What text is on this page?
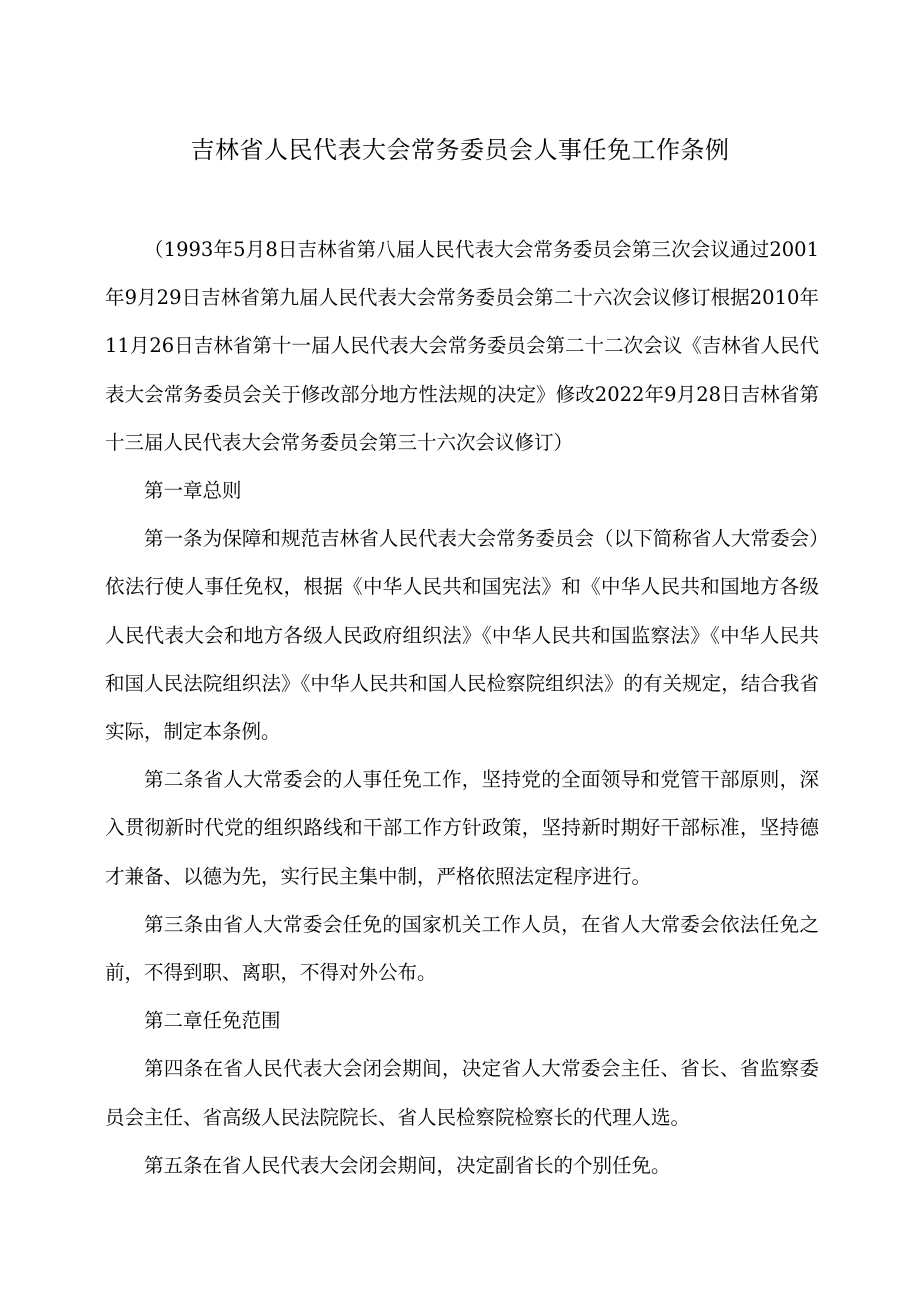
吉林省人民代表大会常务委员会人事任免工作条例

（1993年5月8日吉林省第八届人民代表大会常务委员会第三次会议通过2001年9月29日吉林省第九届人民代表大会常务委员会第二十六次会议修订根据2010年11月26日吉林省第十一届人民代表大会常务委员会第二十二次会议《吉林省人民代表大会常务委员会关于修改部分地方性法规的决定》修改2022年9月28日吉林省第十三届人民代表大会常务委员会第三十六次会议修订）

第一章总则

第一条为保障和规范吉林省人民代表大会常务委员会（以下简称省人大常委会）依法行使人事任免权，根据《中华人民共和国宪法》和《中华人民共和国地方各级人民代表大会和地方各级人民政府组织法》《中华人民共和国监察法》《中华人民共和国人民法院组织法》《中华人民共和国人民检察院组织法》的有关规定，结合我省实际，制定本条例。

第二条省人大常委会的人事任免工作，坚持党的全面领导和党管干部原则，深入贯彻新时代党的组织路线和干部工作方针政策，坚持新时期好干部标准，坚持德才兼备、以德为先，实行民主集中制，严格依照法定程序进行。

第三条由省人大常委会任免的国家机关工作人员，在省人大常委会依法任免之前，不得到职、离职，不得对外公布。

第二章任免范围

第四条在省人民代表大会闭会期间，决定省人大常委会主任、省长、省监察委员会主任、省高级人民法院院长、省人民检察院检察长的代理人选。

第五条在省人民代表大会闭会期间，决定副省长的个别任免。
